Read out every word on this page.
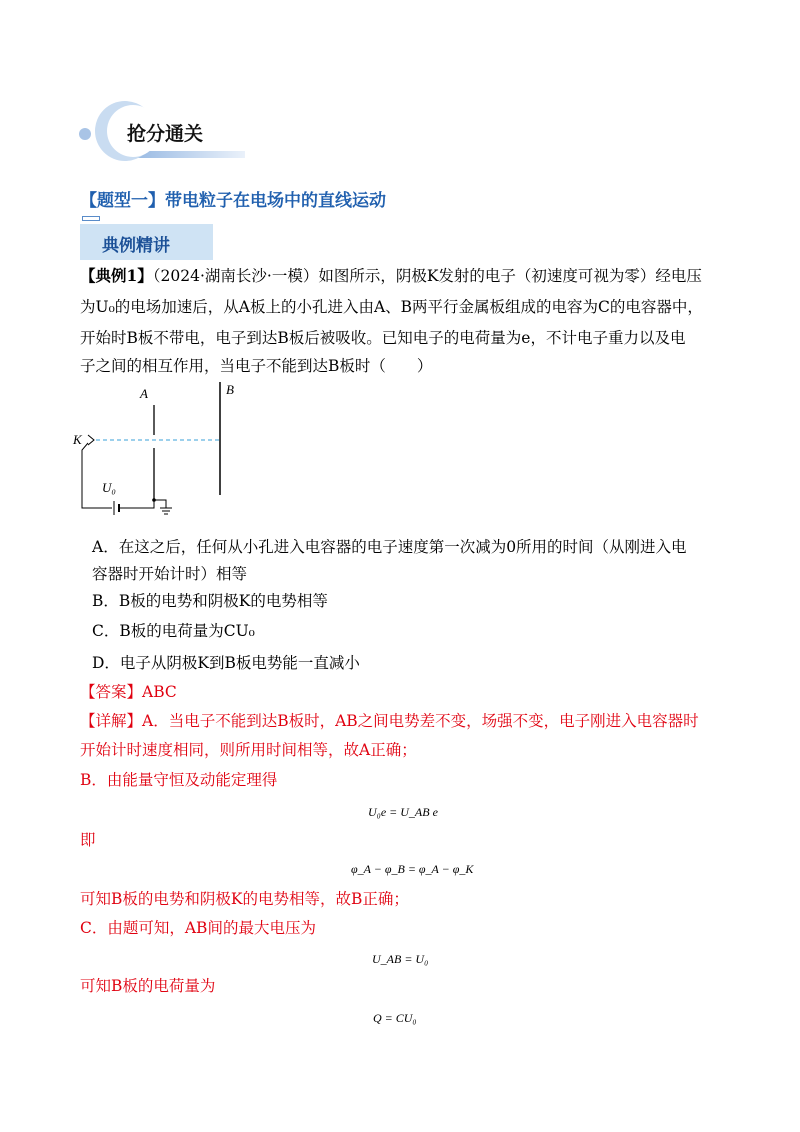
抢分通关
【题型一】带电粒子在电场中的直线运动
典例精讲
【典例1】（2024·湖南长沙·一模）如图所示，阴极K发射的电子（初速度可视为零）经电压
为U₀的电场加速后，从A板上的小孔进入由A、B两平行金属板组成的电容为C的电容器中，
开始时B板不带电，电子到达B板后被吸收。已知电子的电荷量为e，不计电子重力以及电
子之间的相互作用，当电子不能到达B板时（　　）
A	B
K
U₀
A．在这之后，任何从小孔进入电容器的电子速度第一次减为0所用的时间（从刚进入电
容器时开始计时）相等
B．B板的电势和阴极K的电势相等
C．B板的电荷量为CU₀
D．电子从阴极K到B板电势能一直减小
【答案】ABC
【详解】A．当电子不能到达B板时，AB之间电势差不变，场强不变，电子刚进入电容器时
开始计时速度相同，则所用时间相等，故A正确；
B．由能量守恒及动能定理得
U₀e = U_AB e
即
φ_A − φ_B = φ_A − φ_K
可知B板的电势和阴极K的电势相等，故B正确；
C．由题可知，AB间的最大电压为
U_AB = U₀
可知B板的电荷量为
Q = CU₀
